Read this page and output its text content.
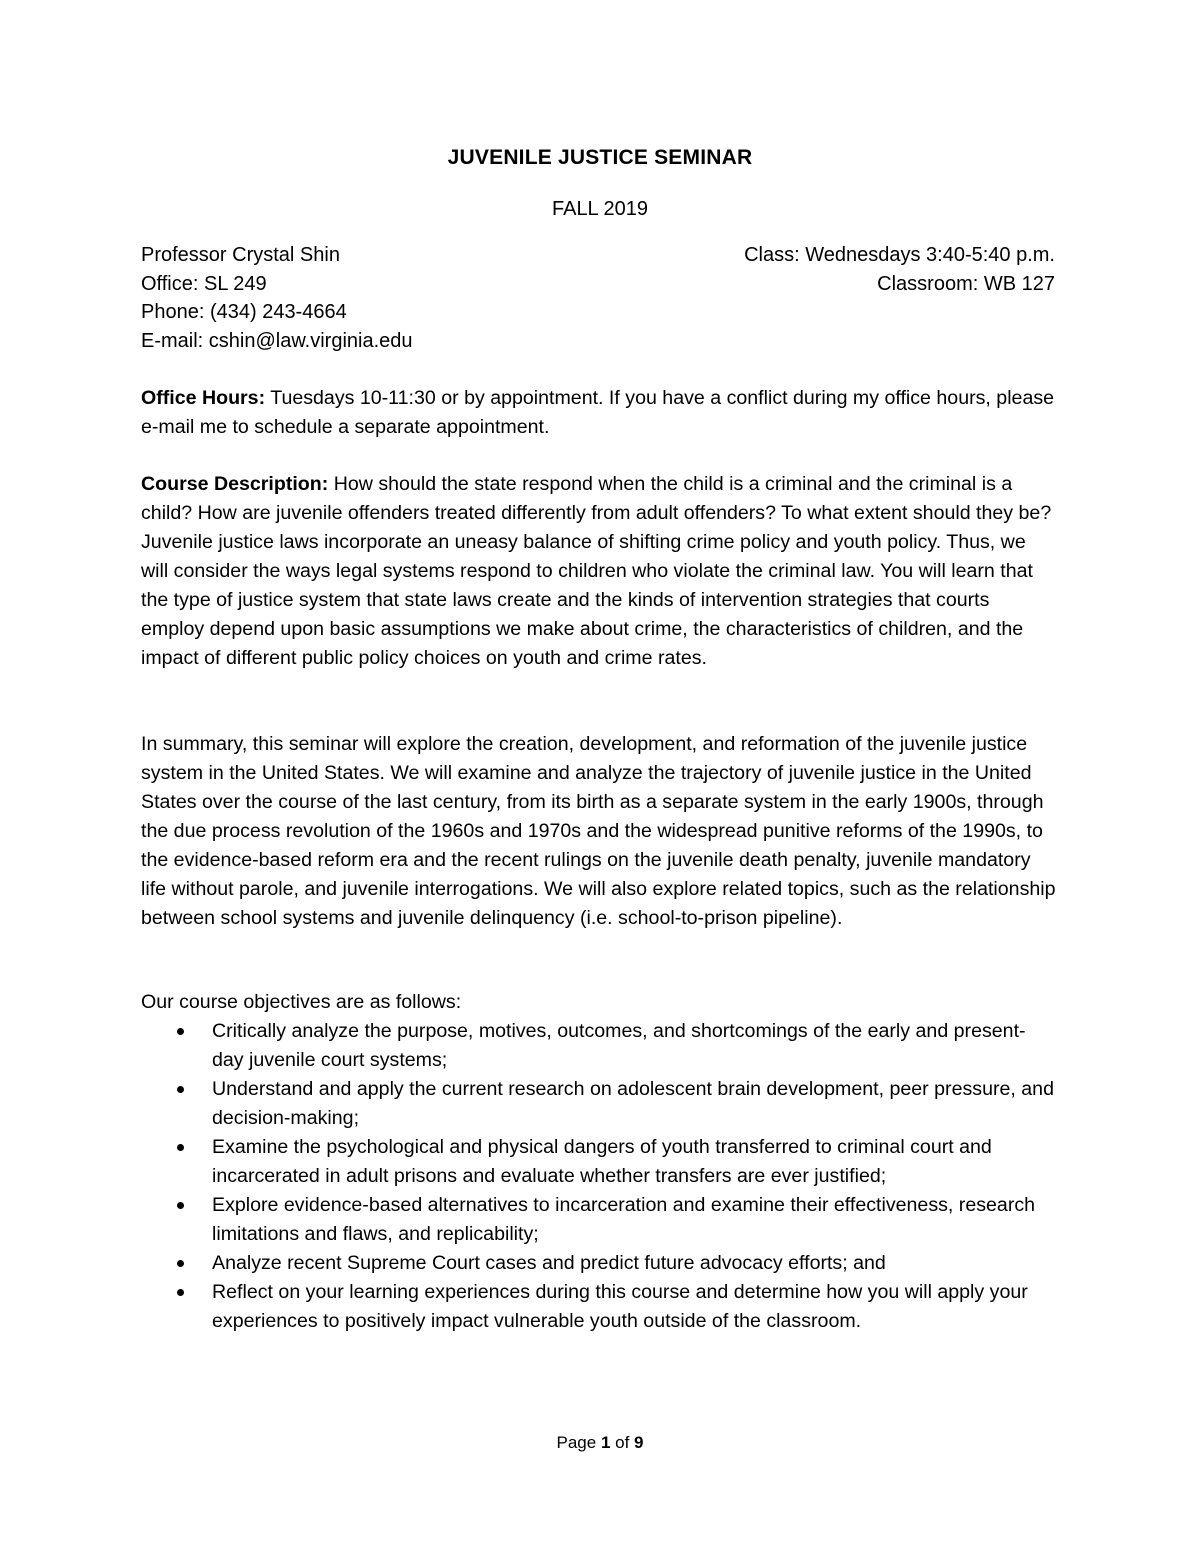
JUVENILE JUSTICE SEMINAR
FALL 2019
Professor Crystal Shin
Office: SL 249
Phone: (434) 243-4664
E-mail: cshin@law.virginia.edu
Class: Wednesdays 3:40-5:40 p.m.
Classroom: WB 127
Office Hours: Tuesdays 10-11:30 or by appointment. If you have a conflict during my office hours, please e-mail me to schedule a separate appointment.
Course Description: How should the state respond when the child is a criminal and the criminal is a child? How are juvenile offenders treated differently from adult offenders? To what extent should they be? Juvenile justice laws incorporate an uneasy balance of shifting crime policy and youth policy. Thus, we will consider the ways legal systems respond to children who violate the criminal law. You will learn that the type of justice system that state laws create and the kinds of intervention strategies that courts employ depend upon basic assumptions we make about crime, the characteristics of children, and the impact of different public policy choices on youth and crime rates.
In summary, this seminar will explore the creation, development, and reformation of the juvenile justice system in the United States. We will examine and analyze the trajectory of juvenile justice in the United States over the course of the last century, from its birth as a separate system in the early 1900s, through the due process revolution of the 1960s and 1970s and the widespread punitive reforms of the 1990s, to the evidence-based reform era and the recent rulings on the juvenile death penalty, juvenile mandatory life without parole, and juvenile interrogations. We will also explore related topics, such as the relationship between school systems and juvenile delinquency (i.e. school-to-prison pipeline).
Our course objectives are as follows:
Critically analyze the purpose, motives, outcomes, and shortcomings of the early and present-day juvenile court systems;
Understand and apply the current research on adolescent brain development, peer pressure, and decision-making;
Examine the psychological and physical dangers of youth transferred to criminal court and incarcerated in adult prisons and evaluate whether transfers are ever justified;
Explore evidence-based alternatives to incarceration and examine their effectiveness, research limitations and flaws, and replicability;
Analyze recent Supreme Court cases and predict future advocacy efforts; and
Reflect on your learning experiences during this course and determine how you will apply your experiences to positively impact vulnerable youth outside of the classroom.
Page 1 of 9
